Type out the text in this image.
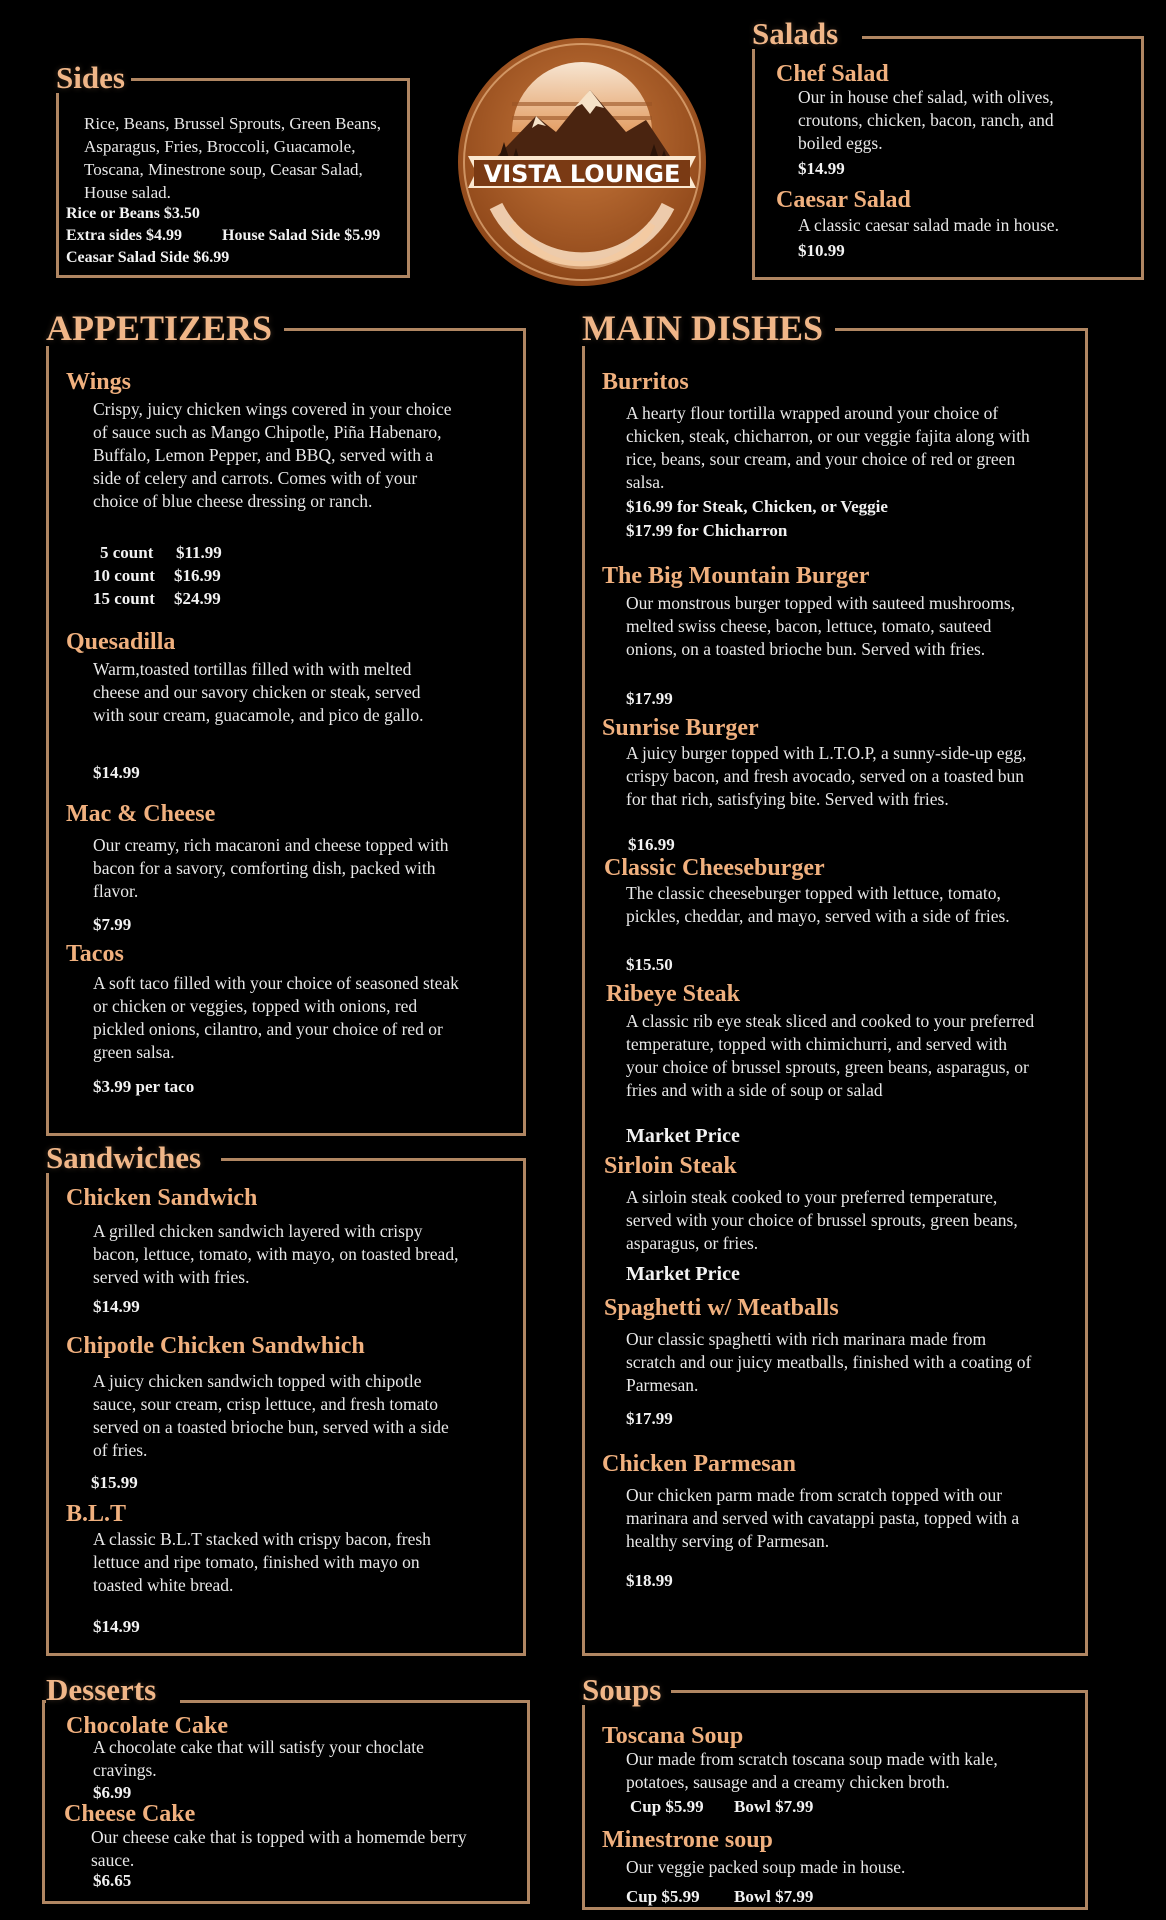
VISTA LOUNGE
Sides

Rice, Beans, Brussel Sprouts, Green Beans, Asparagus, Fries, Broccoli, Guacamole, Toscana, Minestrone soup, Ceasar Salad, House salad.

Rice or Beans $3.50
Extra sides $4.99	House Salad Side $5.99
Ceasar Salad Side $6.99
Salads
Chef Salad

Our in house chef salad, with olives, croutons, chicken, bacon, ranch, and boiled eggs.

$14.99
Caesar Salad

A classic caesar salad made in house.

$10.99
APPETIZERS
Wings

Crispy, juicy chicken wings covered in your choice of sauce such as Mango Chipotle, Piña Habenaro, Buffalo, Lemon Pepper, and BBQ, served with a side of celery and carrots. Comes with of your choice of blue cheese dressing or ranch.

5 count $11.99
10 count $16.99
15 count $24.99
Quesadilla

Warm,toasted tortillas filled with with melted cheese and our savory chicken or steak, served with sour cream, guacamole, and pico de gallo.

$14.99
Mac & Cheese

Our creamy, rich macaroni and cheese topped with bacon for a savory, comforting dish, packed with flavor.

$7.99
Tacos

A soft taco filled with your choice of seasoned steak or chicken or veggies, topped with onions, red pickled onions, cilantro, and your choice of red or green salsa.

$3.99 per taco
Sandwiches
Chicken Sandwich

A grilled chicken sandwich layered with crispy bacon, lettuce, tomato, with mayo, on toasted bread, served with with fries.

$14.99
Chipotle Chicken Sandwhich

A juicy chicken sandwich topped with chipotle sauce, sour cream, crisp lettuce, and fresh tomato served on a toasted brioche bun, served with a side of fries.

$15.99
B.L.T

A classic B.L.T stacked with crispy bacon, fresh lettuce and ripe tomato, finished with mayo on toasted white bread.

$14.99
Desserts
Chocolate Cake

A chocolate cake that will satisfy your choclate cravings.

$6.99
Cheese Cake

Our cheese cake that is topped with a homemde berry sauce.

$6.65
MAIN DISHES
Burritos

A hearty flour tortilla wrapped around your choice of chicken, steak, chicharron, or our veggie fajita along with rice, beans, sour cream, and your choice of red or green salsa.

$16.99 for Steak, Chicken, or Veggie
$17.99 for Chicharron
The Big Mountain Burger

Our monstrous burger topped with sauteed mushrooms, melted swiss cheese, bacon, lettuce, tomato, sauteed onions, on a toasted brioche bun. Served with fries.

$17.99
Sunrise Burger

A juicy burger topped with L.T.O.P, a sunny-side-up egg, crispy bacon, and fresh avocado, served on a toasted bun for that rich, satisfying bite. Served with fries.

$16.99
Classic Cheeseburger

The classic cheeseburger topped with lettuce, tomato, pickles, cheddar, and mayo, served with a side of fries.

$15.50
Ribeye Steak

A classic rib eye steak sliced and cooked to your preferred temperature, topped with chimichurri, and served with your choice of brussel sprouts, green beans, asparagus, or fries and with a side of soup or salad

Market Price
Sirloin Steak

A sirloin steak cooked to your preferred temperature, served with your choice of brussel sprouts, green beans, asparagus, or fries.

Market Price
Spaghetti w/ Meatballs

Our classic spaghetti with rich marinara made from scratch and our juicy meatballs, finished with a coating of Parmesan.

$17.99
Chicken Parmesan

Our chicken parm made from scratch topped with our marinara and served with cavatappi pasta, topped with a healthy serving of Parmesan.

$18.99
Soups
Toscana Soup

Our made from scratch toscana soup made with kale, potatoes, sausage and a creamy chicken broth.

Cup $5.99 Bowl $7.99
Minestrone soup

Our veggie packed soup made in house.

Cup $5.99 Bowl $7.99
